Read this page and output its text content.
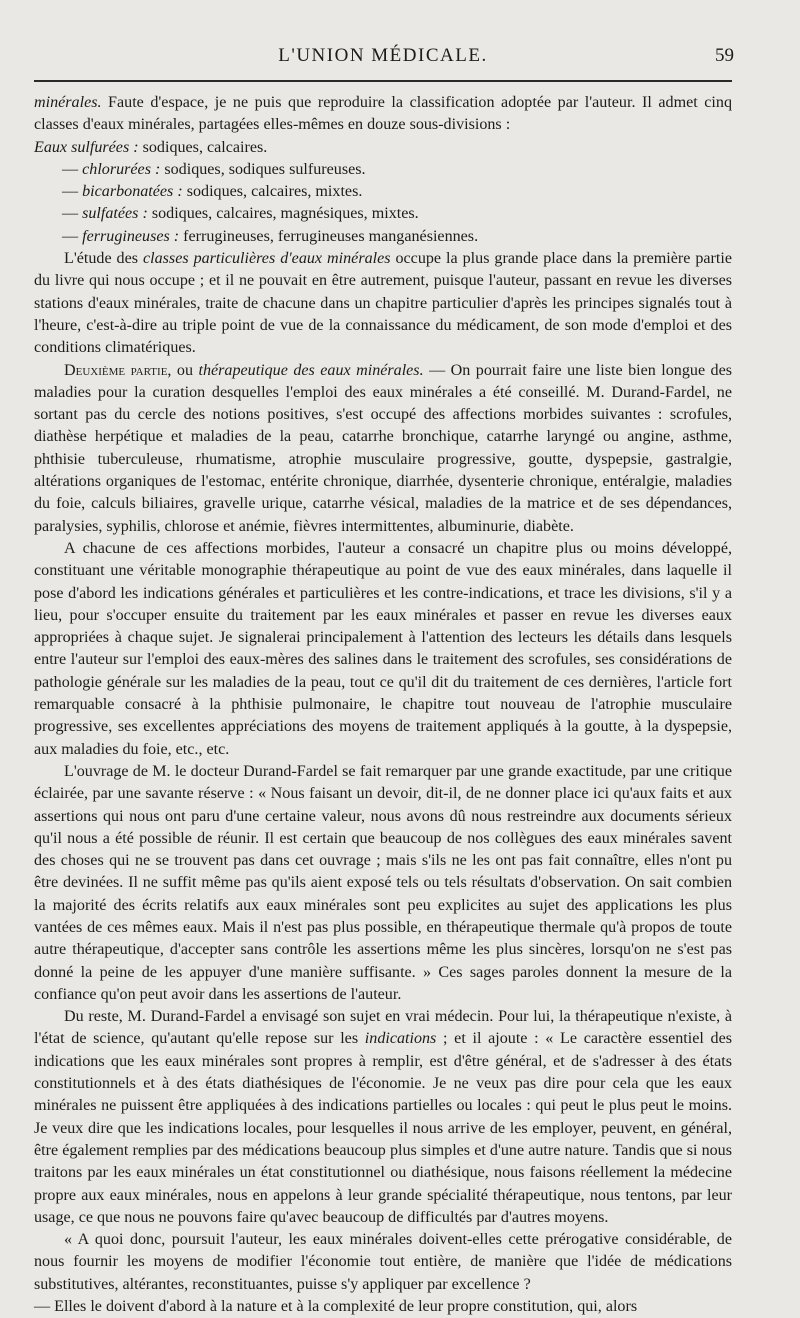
L'UNION MÉDICALE.	59

minérales. Faute d'espace, je ne puis que reproduire la classification adoptée par l'auteur. Il admet cinq classes d'eaux minérales, partagées elles-mêmes en douze sous-divisions :

Eaux sulfurées : sodiques, calcaires.

— chlorurées : sodiques, sodiques sulfureuses.

— bicarbonatées : sodiques, calcaires, mixtes.

— sulfatées : sodiques, calcaires, magnésiques, mixtes.

— ferrugineuses : ferrugineuses, ferrugineuses manganésiennes.

L'étude des classes particulières d'eaux minérales occupe la plus grande place dans la première partie du livre qui nous occupe ; et il ne pouvait en être autrement, puisque l'auteur, passant en revue les diverses stations d'eaux minérales, traite de chacune dans un chapitre particulier d'après les principes signalés tout à l'heure, c'est-à-dire au triple point de vue de la connaissance du médicament, de son mode d'emploi et des conditions climatériques.

Deuxième partie, ou thérapeutique des eaux minérales. — On pourrait faire une liste bien longue des maladies pour la curation desquelles l'emploi des eaux minérales a été conseillé. M. Durand-Fardel, ne sortant pas du cercle des notions positives, s'est occupé des affections morbides suivantes : scrofules, diathèse herpétique et maladies de la peau, catarrhe bronchique, catarrhe laryngé ou angine, asthme, phthisie tuberculeuse, rhumatisme, atrophie musculaire progressive, goutte, dyspepsie, gastralgie, altérations organiques de l'estomac, entérite chronique, diarrhée, dysenterie chronique, entéralgie, maladies du foie, calculs biliaires, gravelle urique, catarrhe vésical, maladies de la matrice et de ses dépendances, paralysies, syphilis, chlorose et anémie, fièvres intermittentes, albuminurie, diabète.

A chacune de ces affections morbides, l'auteur a consacré un chapitre plus ou moins développé, constituant une véritable monographie thérapeutique au point de vue des eaux minérales, dans laquelle il pose d'abord les indications générales et particulières et les contre-indications, et trace les divisions, s'il y a lieu, pour s'occuper ensuite du traitement par les eaux minérales et passer en revue les diverses eaux appropriées à chaque sujet. Je signalerai principalement à l'attention des lecteurs les détails dans lesquels entre l'auteur sur l'emploi des eaux-mères des salines dans le traitement des scrofules, ses considérations de pathologie générale sur les maladies de la peau, tout ce qu'il dit du traitement de ces dernières, l'article fort remarquable consacré à la phthisie pulmonaire, le chapitre tout nouveau de l'atrophie musculaire progressive, ses excellentes appréciations des moyens de traitement appliqués à la goutte, à la dyspepsie, aux maladies du foie, etc., etc.

L'ouvrage de M. le docteur Durand-Fardel se fait remarquer par une grande exactitude, par une critique éclairée, par une savante réserve : « Nous faisant un devoir, dit-il, de ne donner place ici qu'aux faits et aux assertions qui nous ont paru d'une certaine valeur, nous avons dû nous restreindre aux documents sérieux qu'il nous a été possible de réunir. Il est certain que beaucoup de nos collègues des eaux minérales savent des choses qui ne se trouvent pas dans cet ouvrage ; mais s'ils ne les ont pas fait connaître, elles n'ont pu être devinées. Il ne suffit même pas qu'ils aient exposé tels ou tels résultats d'observation. On sait combien la majorité des écrits relatifs aux eaux minérales sont peu explicites au sujet des applications les plus vantées de ces mêmes eaux. Mais il n'est pas plus possible, en thérapeutique thermale qu'à propos de toute autre thérapeutique, d'accepter sans contrôle les assertions même les plus sincères, lorsqu'on ne s'est pas donné la peine de les appuyer d'une manière suffisante. » Ces sages paroles donnent la mesure de la confiance qu'on peut avoir dans les assertions de l'auteur.

Du reste, M. Durand-Fardel a envisagé son sujet en vrai médecin. Pour lui, la thérapeutique n'existe, à l'état de science, qu'autant qu'elle repose sur les indications ; et il ajoute : « Le caractère essentiel des indications que les eaux minérales sont propres à remplir, est d'être général, et de s'adresser à des états constitutionnels et à des états diathésiques de l'économie. Je ne veux pas dire pour cela que les eaux minérales ne puissent être appliquées à des indications partielles ou locales : qui peut le plus peut le moins. Je veux dire que les indications locales, pour lesquelles il nous arrive de les employer, peuvent, en général, être également remplies par des médications beaucoup plus simples et d'une autre nature. Tandis que si nous traitons par les eaux minérales un état constitutionnel ou diathésique, nous faisons réellement la médecine propre aux eaux minérales, nous en appelons à leur grande spécialité thérapeutique, nous tentons, par leur usage, ce que nous ne pouvons faire qu'avec beaucoup de difficultés par d'autres moyens.

« A quoi donc, poursuit l'auteur, les eaux minérales doivent-elles cette prérogative considérable, de nous fournir les moyens de modifier l'économie tout entière, de manière que l'idée de médications substitutives, altérantes, reconstituantes, puisse s'y appliquer par excellence ?

— Elles le doivent d'abord à la nature et à la complexité de leur propre constitution, qui, alors
